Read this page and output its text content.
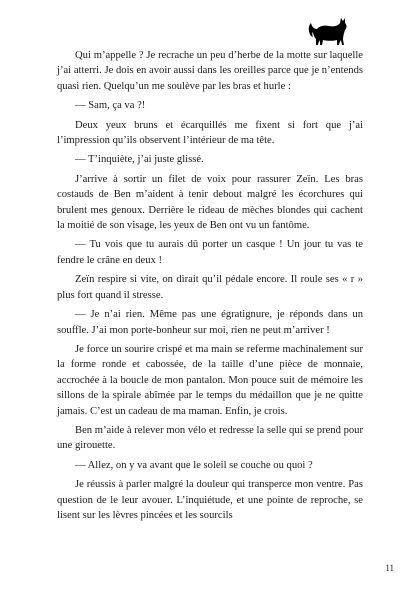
Qui m’appelle ? Je recrache un peu d’herbe de la motte sur laquelle j’ai atterri. Je dois en avoir aussi dans les oreilles parce que je n’entends quasi rien. Quelqu’un me soulève par les bras et hurle :

— Sam, ça va ?!

Deux yeux bruns et écarquillés me fixent si fort que j’ai l’impression qu’ils observent l’intérieur de ma tête.

— T’inquiète, j’ai juste glissé.

J’arrive à sortir un filet de voix pour rassurer Zeïn. Les bras costauds de Ben m’aident à tenir debout malgré les écorchures qui brulent mes genoux. Derrière le rideau de mèches blondes qui cachent la moitié de son visage, les yeux de Ben ont vu un fantôme.

— Tu vois que tu aurais dû porter un casque ! Un jour tu vas te fendre le crâne en deux !

Zeïn respire si vite, on dirait qu’il pédale encore. Il roule ses « r » plus fort quand il stresse.

— Je n’ai rien. Même pas une égratignure, je réponds dans un souffle. J’ai mon porte-bonheur sur moi, rien ne peut m’arriver !

Je force un sourire crispé et ma main se referme machinalement sur la forme ronde et cabossée, de la taille d’une pièce de monnaie, accrochée à la boucle de mon pantalon. Mon pouce suit de mémoire les sillons de la spirale abîmée par le temps du médaillon que je ne quitte jamais. C’est un cadeau de ma maman. Enfin, je crois.

Ben m’aide à relever mon vélo et redresse la selle qui se prend pour une girouette.

— Allez, on y va avant que le soleil se couche ou quoi ?

Je réussis à parler malgré la douleur qui transperce mon ventre. Pas question de le leur avouer. L’inquiétude, et une pointe de reproche, se lisent sur les lèvres pincées et les sourcils

11
